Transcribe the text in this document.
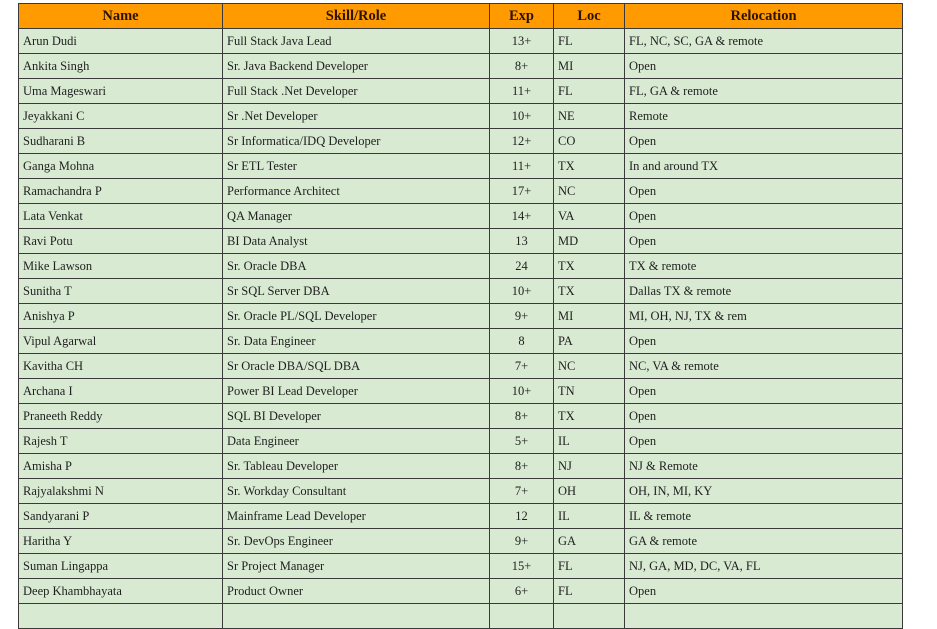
Name	Skill/Role	Exp	Loc	Relocation
Arun Dudi	Full Stack Java Lead	13+	FL	FL, NC, SC, GA & remote
Ankita Singh	Sr. Java Backend Developer	8+	MI	Open
Uma Mageswari	Full Stack .Net Developer	11+	FL	FL, GA & remote
Jeyakkani C	Sr .Net Developer	10+	NE	Remote
Sudharani B	Sr Informatica/IDQ Developer	12+	CO	Open
Ganga Mohna	Sr ETL Tester	11+	TX	In and around TX
Ramachandra P	Performance Architect	17+	NC	Open
Lata Venkat	QA Manager	14+	VA	Open
Ravi Potu	BI Data Analyst	13	MD	Open
Mike Lawson	Sr. Oracle DBA	24	TX	TX & remote
Sunitha T	Sr SQL Server DBA	10+	TX	Dallas TX & remote
Anishya P	Sr. Oracle PL/SQL Developer	9+	MI	MI, OH, NJ, TX & rem
Vipul Agarwal	Sr. Data Engineer	8	PA	Open
Kavitha CH	Sr Oracle DBA/SQL DBA	7+	NC	NC, VA & remote
Archana I	Power BI Lead Developer	10+	TN	Open
Praneeth Reddy	SQL BI Developer	8+	TX	Open
Rajesh T	Data Engineer	5+	IL	Open
Amisha P	Sr. Tableau Developer	8+	NJ	NJ & Remote
Rajyalakshmi N	Sr. Workday Consultant	7+	OH	OH, IN, MI, KY
Sandyarani P	Mainframe Lead Developer	12	IL	IL & remote
Haritha Y	Sr. DevOps Engineer	9+	GA	GA & remote
Suman Lingappa	Sr Project Manager	15+	FL	NJ, GA, MD, DC, VA, FL
Deep Khambhayata	Product Owner	6+	FL	Open
